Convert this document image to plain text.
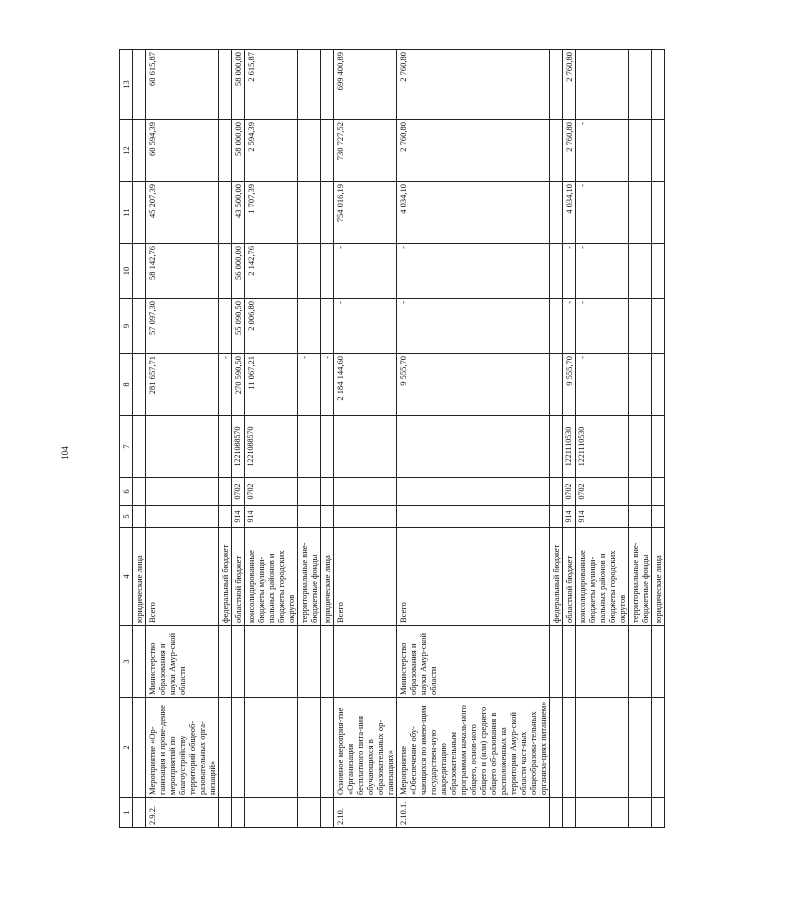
104
1	2	3	4	5	6	7	8	9	10	11	12	13
			юридические лица									
2.9.2.	Мероприятие «Ор-ганизация и прове-дение мероприятий по благоустройству территорий общеоб-разовательных орга-низаций»	Министерство образования и науки Амур-ской области	Всего				281 657,71	57 097,30	58 142,76	45 207,39	60 594,39	60 615,87
			федеральный бюджет				-					
			областной бюджет	914	0702	1221088570	270 590,50	55 090,50	56 000,00	43 500,00	58 000,00	58 000,00
			консолидированные бюджеты муници-пальных районов и бюджеты городских округов	914	0702	1221088570	11 067,21	2 006,80	2 142,76	1 707,39	2 594,39	2 615,87
			территориальные вне-бюджетные фонды				-					
			юридические лица				-					
2.10.	Основное мероприя-тие «Организация бесплатного пита-ния обучающихся в образовательных ор-ганизациях»		Всего				2 184 144,60	-	-	754 016,19	730 727,52	699 400,89
2.10.1.	Мероприятие «Обеспечение обу-чающихся по имею-щим государствен-ную аккредитацию образовательным программам началь-ного общего, основ-ного общего и (или) среднего общего об-разования в расположенных на территории Амур-ской области част-ных общеобразова-тельных организа-циях питанием»	Министерство образования и науки Амур-ской области	Всего				9 555,70	-	-	4 034,10	2 760,80	2 760,80
			федеральный бюджет									
			областной бюджет	914	0702	1221110530	9 555,70	-	-	4 034,10	2 760,80	2 760,80
			консолидированные бюджеты муници-пальных районов и бюджеты городских округов	914	0702	1221110530	-	-	-	-	-	
			территориальные вне-бюджетные фонды									
			юридические лица									
